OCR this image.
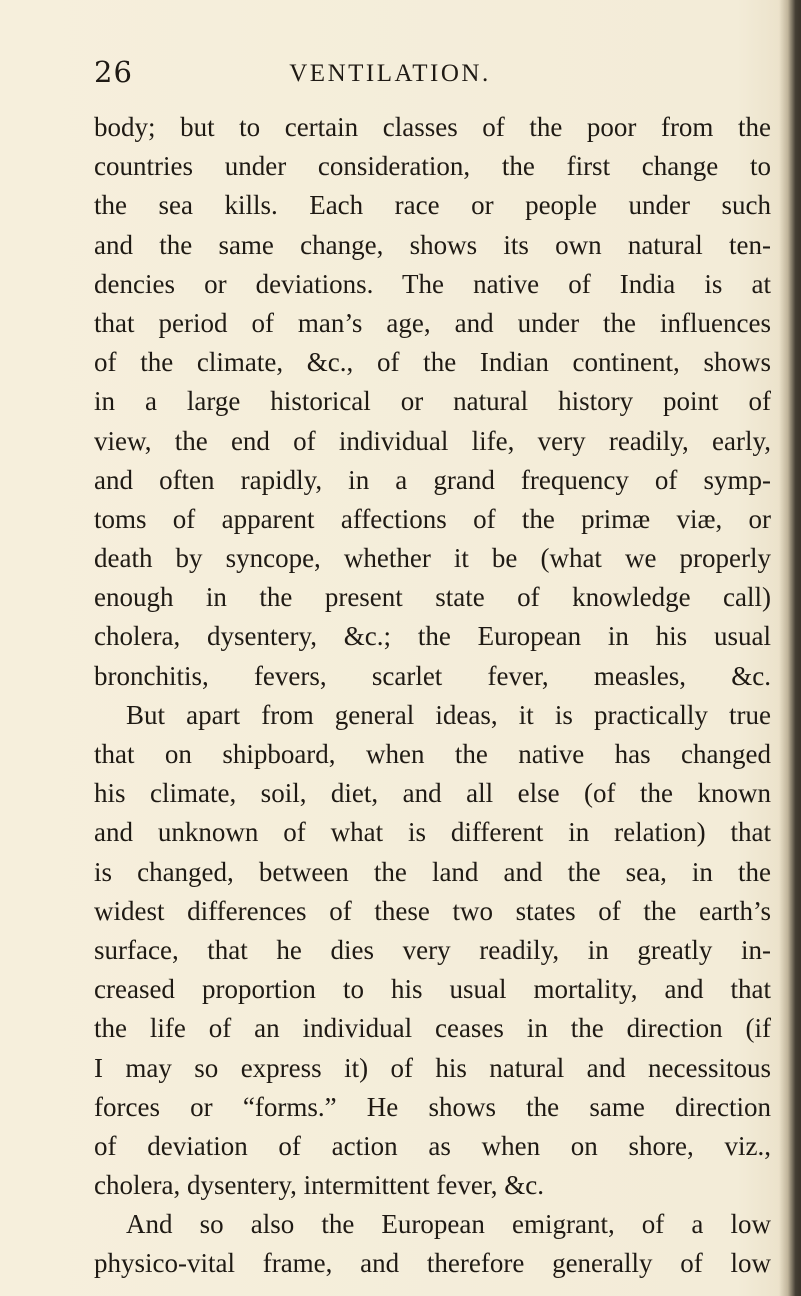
26	VENTILATION.
body; but to certain classes of the poor from the
countries under consideration, the first change to
the sea kills. Each race or people under such
and the same change, shows its own natural ten-
dencies or deviations. The native of India is at
that period of man’s age, and under the influences
of the climate, &c., of the Indian continent, shows
in a large historical or natural history point of
view, the end of individual life, very readily, early,
and often rapidly, in a grand frequency of symp-
toms of apparent affections of the primæ viæ, or
death by syncope, whether it be (what we properly
enough in the present state of knowledge call)
cholera, dysentery, &c.; the European in his usual
bronchitis, fevers, scarlet fever, measles, &c.
But apart from general ideas, it is practically true
that on shipboard, when the native has changed
his climate, soil, diet, and all else (of the known
and unknown of what is different in relation) that
is changed, between the land and the sea, in the
widest differences of these two states of the earth’s
surface, that he dies very readily, in greatly in-
creased proportion to his usual mortality, and that
the life of an individual ceases in the direction (if
I may so express it) of his natural and necessitous
forces or “forms.” He shows the same direction
of deviation of action as when on shore, viz.,
cholera, dysentery, intermittent fever, &c.
And so also the European emigrant, of a low
physico-vital frame, and therefore generally of low
